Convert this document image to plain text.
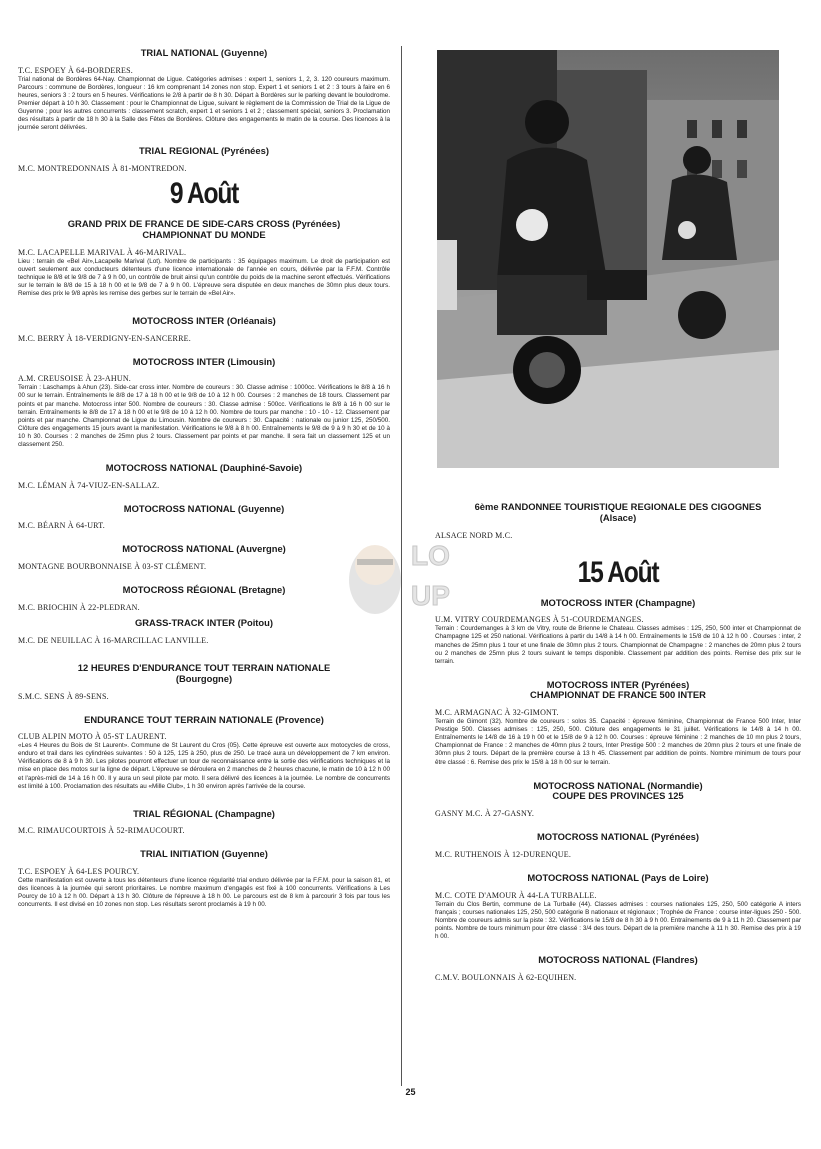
TRIAL NATIONAL (Guyenne)
T.C. ESPOEY À 64-BORDERES.

Trial national de Bordères 64-Nay. Championnat de Ligue. Catégories admises : expert 1, seniors 1, 2, 3. 120 coureurs maximum. Parcours : commune de Bordères, longueur : 16 km comprenant 14 zones non stop. Expert 1 et seniors 1 et 2 : 3 tours à faire en 6 heures, seniors 3 : 2 tours en 5 heures. Vérifications le 2/8 à partir de 8 h 30. Départ à Bordères sur le parking devant le boulodrome. Premier départ à 10 h 30. Classement : pour le Championnat de Ligue, suivant le règlement de la Commission de Trial de la Ligue de Guyenne ; pour les autres concurrents : classement scratch, expert 1 et seniors 1 et 2 ; classement spécial, seniors 3. Proclamation des résultats à partir de 18 h 30 à la Salle des Fêtes de Bordères. Clôture des engagements le matin de la course. Des licences à la journée seront délivrées.

TRIAL REGIONAL (Pyrénées)
M.C. MONTREDONNAIS À 81-MONTREDON.
9 Août
GRAND PRIX DE FRANCE DE SIDE-CARS CROSS (Pyrénées)
CHAMPIONNAT DU MONDE
M.C. LACAPELLE MARIVAL À 46-MARIVAL.

Lieu : terrain de «Bel Air»,Lacapelle Marival (Lot). Nombre de participants : 35 équipages maximum. Le droit de participation est ouvert seulement aux conducteurs détenteurs d'une licence internationale de l'année en cours, délivrée par la F.F.M. Contrôle technique le 8/8 et le 9/8 de 7 à 9 h 00, un contrôle de bruit ainsi qu'un contrôle du poids de la machine seront effectués. Vérifications sur le terrain le 8/8 de 15 à 18 h 00 et le 9/8 de 7 à 9 h 00. L'épreuve sera disputée en deux manches de 30mn plus deux tours. Remise des prix le 9/8 après les remise des gerbes sur le terrain de «Bel Air».

MOTOCROSS INTER (Orléanais)
M.C. BERRY À 18-VERDIGNY-EN-SANCERRE.
MOTOCROSS INTER (Limousin)
A.M. CREUSOISE À 23-AHUN.

Terrain : Laschamps à Ahun (23). Side-car cross inter. Nombre de coureurs : 30. Classe admise : 1000cc. Vérifications le 8/8 à 16 h 00 sur le terrain. Entraînements le 8/8 de 17 à 18 h 00 et le 9/8 de 10 à 12 h 00. Courses : 2 manches de 18 tours. Classement par points et par manche. Motocross inter 500. Nombre de coureurs : 30. Classe admise : 500cc. Vérifications le 8/8 à 16 h 00 sur le terrain. Entraînements le 8/8 de 17 à 18 h 00 et le 9/8 de 10 à 12 h 00. Nombre de tours par manche : 10 - 10 - 12. Classement par points et par manche. Championnat de Ligue du Limousin. Nombre de coureurs : 30. Capacité : nationale ou junior 125, 250/500. Clôture des engagements 15 jours avant la manifestation. Vérifications le 9/8 à 8 h 00. Entraînements le 9/8 de 9 à 9 h 30 et de 10 à 10 h 30. Courses : 2 manches de 25mn plus 2 tours. Classement par points et par manche. Il sera fait un classement 125 et un classement 250.

MOTOCROSS NATIONAL (Dauphiné-Savoie)
M.C. LÉMAN À 74-VIUZ-EN-SALLAZ.
MOTOCROSS NATIONAL (Guyenne)
M.C. BÉARN À 64-URT.
MOTOCROSS NATIONAL (Auvergne)
MONTAGNE BOURBONNAISE À 03-ST CLÉMENT.
MOTOCROSS RÉGIONAL (Bretagne)
M.C. BRIOCHIN À 22-PLEDRAN.
GRASS-TRACK INTER (Poitou)
M.C. DE NEUILLAC À 16-MARCILLAC LANVILLE.
12 HEURES D'ENDURANCE TOUT TERRAIN NATIONALE
(Bourgogne)
S.M.C. SENS À 89-SENS.
ENDURANCE TOUT TERRAIN NATIONALE (Provence)
CLUB ALPIN MOTO À 05-ST LAURENT.

«Les 4 Heures du Bois de St Laurent». Commune de St Laurent du Cros (05). Cette épreuve est ouverte aux motocycles de cross, enduro et trail dans les cylindrées suivantes : 50 à 125, 125 à 250, plus de 250. Le tracé aura un développement de 7 km environ. Vérifications de 8 à 9 h 30. Les pilotes pourront effectuer un tour de reconnaissance entre la sortie des vérifications techniques et la mise en place des motos sur la ligne de départ. L'épreuve se déroulera en 2 manches de 2 heures chacune, le matin de 10 à 12 h 00 et l'après-midi de 14 à 16 h 00. Il y aura un seul pilote par moto. Il sera délivré des licences à la journée. Le nombre de concurrents est limité à 100. Proclamation des résultats au «Mille Club», 1 h 30 environ après l'arrivée de la course.

TRIAL RÉGIONAL (Champagne)
M.C. RIMAUCOURTOIS À 52-RIMAUCOURT.
TRIAL INITIATION (Guyenne)
T.C. ESPOEY À 64-LES POURCY.

Cette manifestation est ouverte à tous les détenteurs d'une licence régularité trial enduro délivrée par la F.F.M. pour la saison 81, et des licences à la journée qui seront prioritaires. Le nombre maximum d'engagés est fixé à 100 concurrents. Vérifications à Les Pourcy de 10 à 12 h 00. Départ à 13 h 30. Clôture de l'épreuve à 18 h 00. Le parcours est de 8 km à parcourir 3 fois par tous les concurrents. Il est divisé en 10 zones non stop. Les résultats seront proclamés à 19 h 00.

6ème RANDONNEE TOURISTIQUE REGIONALE DES CIGOGNES
(Alsace)
ALSACE NORD M.C.
15 Août
MOTOCROSS INTER (Champagne)
U.M. VITRY COURDEMANGES À 51-COURDEMANGES.

Terrain : Courdemanges à 3 km de Vitry, route de Brienne le Chateau. Classes admises : 125, 250, 500 inter et Championnat de Champagne 125 et 250 national. Vérifications à partir du 14/8 à 14 h 00. Entraînements le 15/8 de 10 à 12 h 00 . Courses : inter, 2 manches de 25mn plus 1 tour et une finale de 30mn plus 2 tours. Championnat de Champagne : 2 manches de 20mn plus 2 tours ou 2 manches de 25mn plus 2 tours suivant le temps disponible. Classement par addition des points. Remise des prix sur le terrain.

MOTOCROSS INTER (Pyrénées)
CHAMPIONNAT DE FRANCE 500 INTER
M.C. ARMAGNAC À 32-GIMONT.

Terrain de Gimont (32). Nombre de coureurs : solos 35. Capacité : épreuve féminine, Championnat de France 500 Inter, Inter Prestige 500. Classes admises : 125, 250, 500. Clôture des engagements le 31 juillet. Vérifications le 14/8 à 14 h 00. Entraînements le 14/8 de 16 à 19 h 00 et le 15/8 de 9 à 12 h 00. Courses : épreuve féminine : 2 manches de 10 mn plus 2 tours, Championnat de France : 2 manches de 40mn plus 2 tours, Inter Prestige 500 : 2 manches de 20mn plus 2 tours et une finale de 30mn plus 2 tours. Départ de la première course à 13 h 45. Classement par addition de points. Nombre minimum de tours pour être classé : 6. Remise des prix le 15/8 à 18 h 00 sur le terrain.

MOTOCROSS NATIONAL (Normandie)
COUPE DES PROVINCES 125
GASNY M.C. À 27-GASNY.
MOTOCROSS NATIONAL (Pyrénées)
M.C. RUTHENOIS À 12-DURENQUE.
MOTOCROSS NATIONAL (Pays de Loire)
M.C. COTE D'AMOUR À 44-LA TURBALLE.

Terrain du Clos Bertin, commune de La Turballe (44). Classes admises : courses nationales 125, 250, 500 catégorie A inters français ; courses nationales 125, 250, 500 catégorie B nationaux et régionaux ; Trophée de France : course inter-ligues 250 - 500. Nombre de coureurs admis sur la piste : 32. Vérifications le 15/8 de 8 h 30 à 9 h 00. Entraînements de 9 à 11 h 20. Classement par points. Nombre de tours minimum pour être classé : 3/4 des tours. Départ de la première manche à 11 h 30. Remise des prix à 19 h 00.

MOTOCROSS NATIONAL (Flandres)
C.M.V. BOULONNAIS À 62-EQUIHEN.
LO
UP
25
